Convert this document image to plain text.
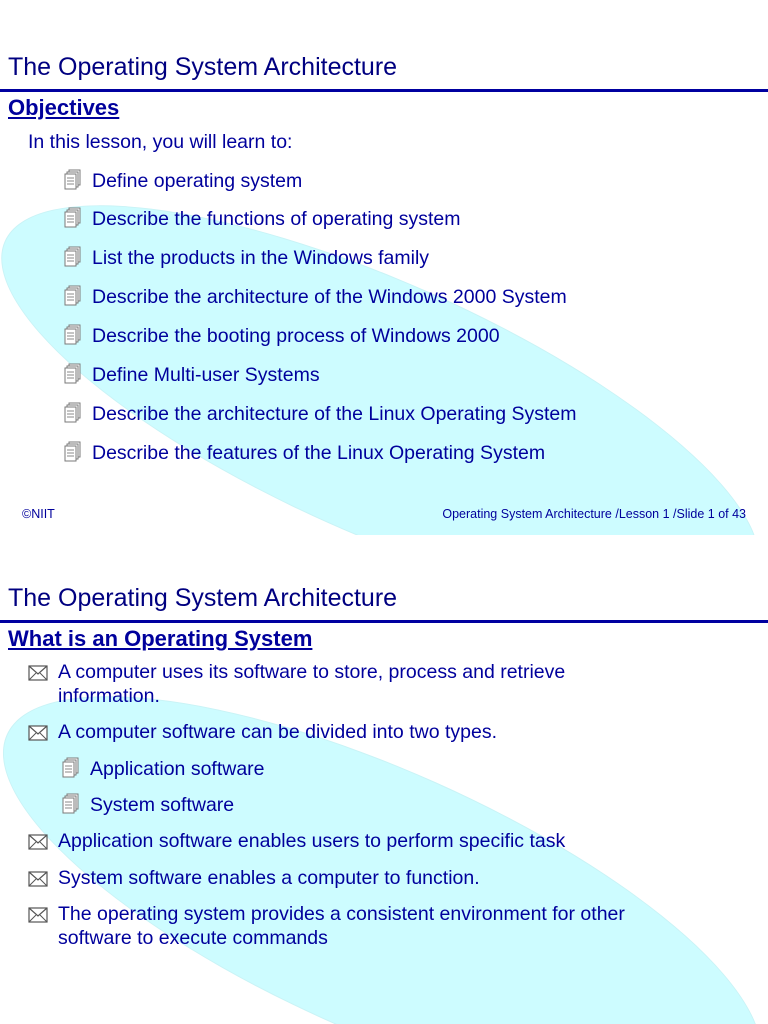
The Operating System Architecture
Objectives
In this lesson, you will learn to:
Define operating system
Describe the functions of operating system
List the products in the Windows family
Describe the architecture of the Windows 2000 System
Describe the booting process of Windows 2000
Define Multi-user Systems
Describe the architecture of the Linux Operating System
Describe the features of the Linux Operating System
©NIIT	Operating System Architecture /Lesson 1 /Slide 1 of 43
The Operating System Architecture
What is an Operating System
A computer uses its software to store, process and retrieve information.
A computer software can be divided into two types.
Application software
System software
Application software enables users to perform specific task
System software enables a computer to function.
The operating system provides a consistent environment for other software to execute commands
